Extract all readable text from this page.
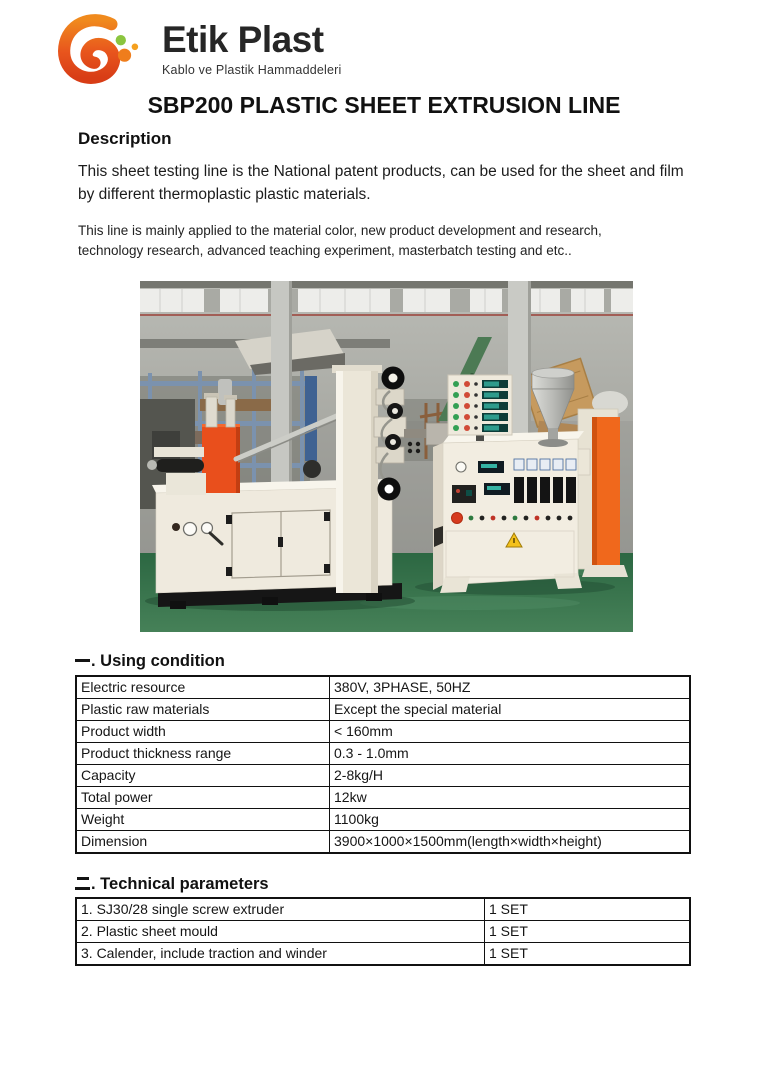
Etik Plast
Kablo ve Plastik Hammaddeleri
SBP200 PLASTIC SHEET EXTRUSION LINE
Description
This sheet testing line is the National patent products, can be used for the sheet and film by different thermoplastic plastic materials.
This line is mainly applied to the material color, new product development and research, technology research, advanced teaching experiment, masterbatch testing and etc..
. Using condition
Electric resource	380V, 3PHASE, 50HZ
Plastic raw materials	Except the special material
Product width	< 160mm
Product thickness range	0.3 - 1.0mm
Capacity	2-8kg/H
Total power	12kw
Weight	1100kg
Dimension	3900×1000×1500mm(length×width×height)
. Technical parameters
1. SJ30/28 single screw extruder	1 SET
2. Plastic sheet mould	1 SET
3. Calender, include traction and winder	1 SET
